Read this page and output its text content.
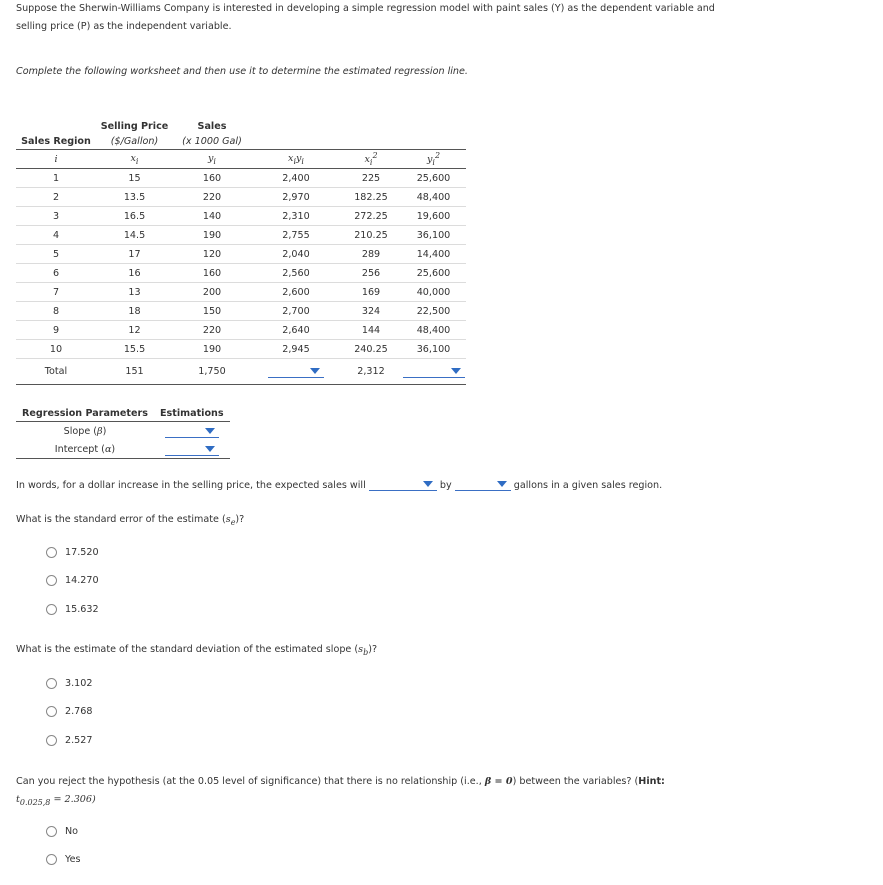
Suppose the Sherwin-Williams Company is interested in developing a simple regression model with paint sales (Y) as the dependent variable and
selling price (P) as the independent variable.
Complete the following worksheet and then use it to determine the estimated regression line.
	Selling Price	Sales			
Sales Region	($/Gallon)	(x 1000 Gal)			
i	$x_i$	$y_i$	$x_iy_i$	$x_i^2$	$y_i^2$
1	15	160	2,400	225	25,600
2	13.5	220	2,970	182.25	48,400
3	16.5	140	2,310	272.25	19,600
4	14.5	190	2,755	210.25	36,100
5	17	120	2,040	289	14,400
6	16	160	2,560	256	25,600
7	13	200	2,600	169	40,000
8	18	150	2,700	324	22,500
9	12	220	2,640	144	48,400
10	15.5	190	2,945	240.25	36,100
Total	151	1,750		2,312	
Regression Parameters	Estimations
Slope (β)	

Intercept (α)	
In words, for a dollar increase in the selling price, the expected sales will	by	gallons in a given sales region.
What is the standard error of the estimate $(s_e)$?
17.520
14.270
15.632
What is the estimate of the standard deviation of the estimated slope $(s_b)$?
3.102
2.768
2.527
Can you reject the hypothesis (at the 0.05 level of significance) that there is no relationship (i.e., β = 0) between the variables? (Hint:
$t_{0.025,8} = 2.306$)
No
Yes
